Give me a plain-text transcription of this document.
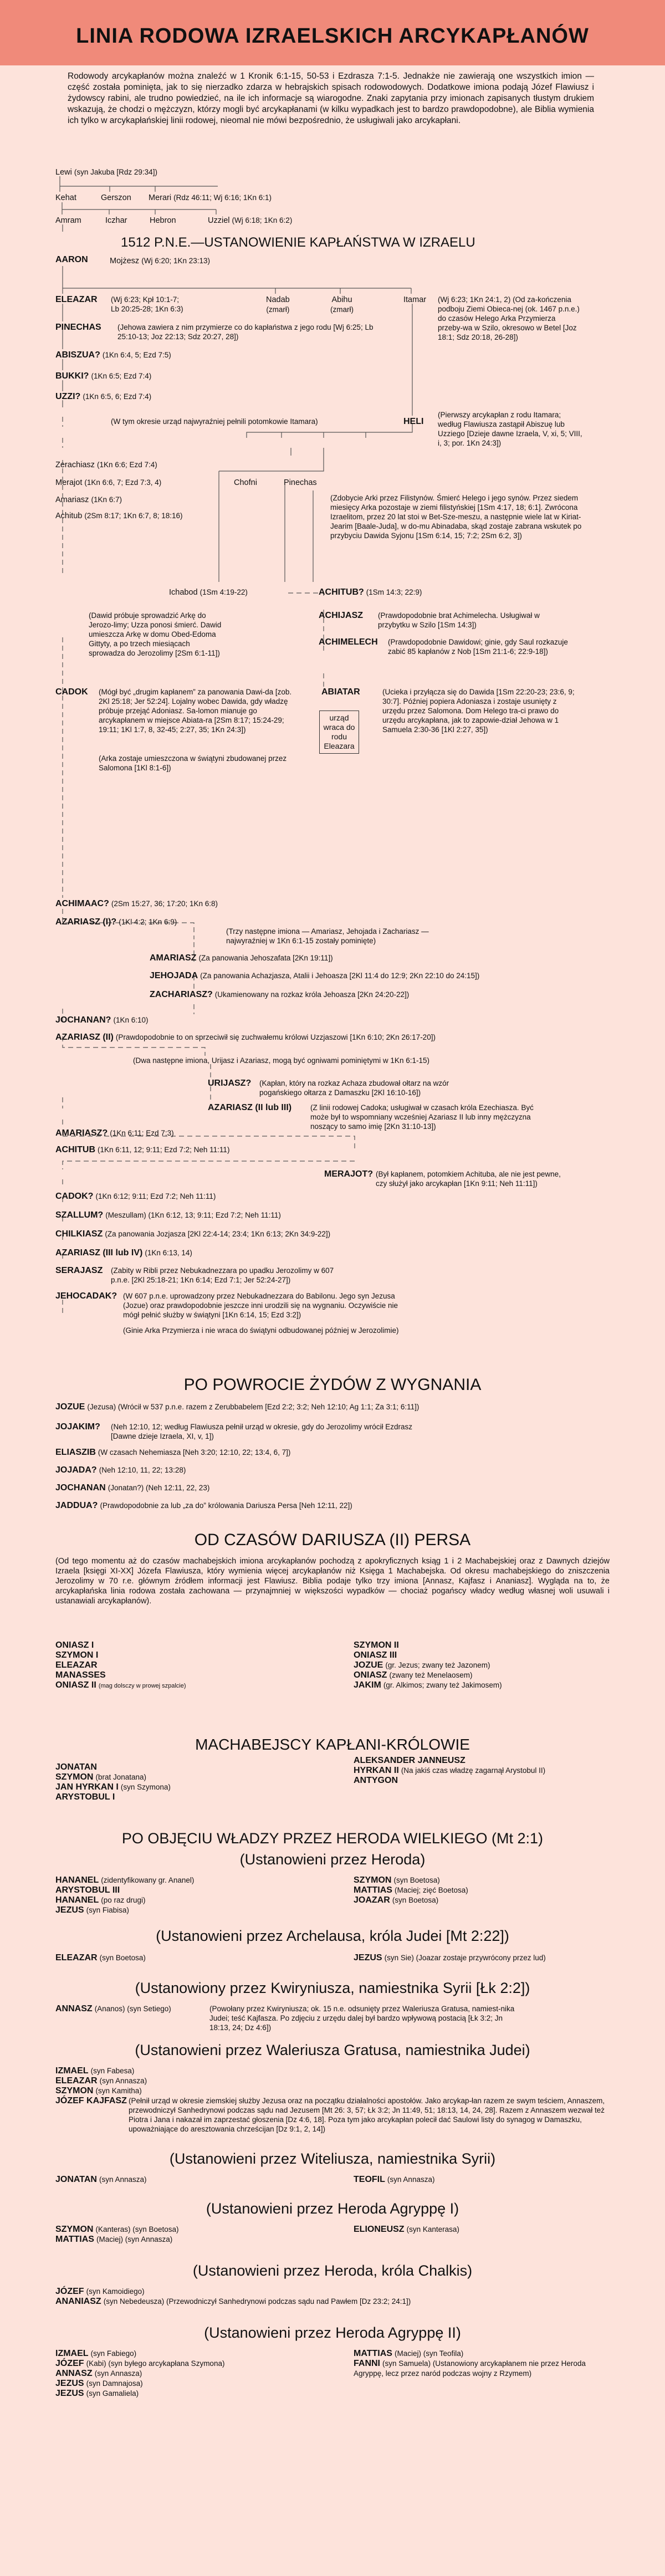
LINIA RODOWA IZRAELSKICH ARCYKAPŁANÓW
Rodowody arcykapłanów można znaleźć w 1 Kronik 6:1-15, 50-53 i Ezdrasza 7:1-5. Jednakże nie zawierają one wszystkich imion — część została pominięta, jak to się nierzadko zdarza w hebrajskich spisach rodowodowych. Dodatkowe imiona podają Józef Flawiusz i żydowscy rabini, ale trudno powiedzieć, na ile ich informacje są wiarogodne. Znaki zapytania przy imionach zapisanych tłustym drukiem wskazują, że chodzi o mężczyzn, którzy mogli być arcykapłanami (w kilku wypadkach jest to bardzo prawdopodobne), ale Biblia wymienia ich tylko w arcykapłańskiej linii rodowej, nieomal nie mówi bezpośrednio, że usługiwali jako arcykapłani.
Lewi (syn Jakuba [Rdz 29:34])
Kehat	Gerszon Merari (Rdz 46:11; Wj 6:16; 1Kn 6:1)
Amram	Iczhar	Hebron	Uzziel (Wj 6:18; 1Kn 6:2)
1512 P.N.E.—USTANOWIENIE KAPŁAŃSTWA W IZRAELU
AARON	Mojżesz (Wj 6:20; 1Kn 23:13)
ELEAZAR (Wj 6:23; Kpł 10:1-7;
Lb 20:25-28; 1Kn 6:3)
Nadab
(zmarł)
Abihu
(zmarł)
Itamar (Wj 6:23; 1Kn 24:1, 2) (Od za-kończenia podboju Ziemi Obieca-nej (ok. 1467 p.n.e.) do czasów Helego Arka Przymierza przeby-wa w Szilo, okresowo w Betel [Joz 18:1; Sdz 20:18, 26-28])
PINECHAS (Jehowa zawiera z nim przymierze co do kapłaństwa z jego rodu [Wj 6:25; Lb 25:10-13; Joz 22:13; Sdz 20:27, 28])
ABISZUA? (1Kn 6:4, 5; Ezd 7:5)
BUKKI? (1Kn 6:5; Ezd 7:4)
UZZI? (1Kn 6:5, 6; Ezd 7:4)
(W tym okresie urząd najwyraźniej pełnili potomkowie Itamara)	HELI
(Pierwszy arcykapłan z rodu Itamara; według Flawiusza zastąpił Abiszuę lub Uzziego [Dzieje dawne Izraela, V, xi, 5; VIII, i, 3; por. 1Kn 24:3])
Zerachiasz (1Kn 6:6; Ezd 7:4)
Merajot (1Kn 6:6, 7; Ezd 7:3, 4)	Chofni	Pinechas
Amariasz (1Kn 6:7)
Achitub (2Sm 8:17; 1Kn 6:7, 8; 18:16)
(Zdobycie Arki przez Filistynów. Śmierć Helego i jego synów. Przez siedem miesięcy Arka pozostaje w ziemi filistyńskiej [1Sm 4:17, 18; 6:1]. Zwrócona Izraelitom, przez 20 lat stoi w Bet-Sze-meszu, a następnie wiele lat w Kiriat-Jearim [Baale-Juda], w do-mu Abinadaba, skąd zostaje zabrana wskutek po przybyciu Dawida Syjonu [1Sm 6:14, 15; 7:2; 2Sm 6:2, 3])
Ichabod (1Sm 4:19-22)	ACHITUB? (1Sm 14:3; 22:9)
(Dawid próbuje sprowadzić Arkę do Jerozo-limy; Uzza ponosi śmierć. Dawid umieszcza Arkę w domu Obed-Edoma Gittyty, a po trzech miesiącach sprowadza do Jerozolimy [2Sm 6:1-11])
ACHIJASZ (Prawdopodobnie brat Achimelecha. Usługiwał w przybytku w Szilo [1Sm 14:3])
ACHIMELECH (Prawdopodobnie Dawidowi; ginie, gdy Saul rozkazuje zabić 85 kapłanów z Nob [1Sm 21:1-6; 22:9-18])
CADOK (Mógł być „drugim kapłanem” za panowania Dawi-da [zob. 2Kl 25:18; Jer 52:24]. Lojalny wobec Dawida, gdy władzę próbuje przejąć Adoniasz. Sa-lomon mianuje go arcykapłanem w miejsce Abiata-ra [2Sm 8:17; 15:24-29; 19:11; 1Kl 1:7, 8, 32-45; 2:27, 35; 1Kn 24:3])
(Arka zostaje umieszczona w świątyni zbudowanej przez Salomona [1Kl 8:1-6])
ABIATAR	(Ucieka i przyłącza się do Dawida [1Sm 22:20-23; 23:6, 9; 30:7]. Później popiera Adoniasza i zostaje usunięty z urzędu przez Salomona. Dom Helego tra-ci prawo do urzędu arcykapłana, jak to zapowie-dział Jehowa w 1 Samuela 2:30-36 [1Kl 2:27, 35])
urząd wraca do rodu Eleazara
ACHIMAAC? (2Sm 15:27, 36; 17:20; 1Kn 6:8)
AZARIASZ (I)? (1Kl 4:2; 1Kn 6:9)
(Trzy następne imiona — Amariasz, Jehojada i Zachariasz — najwyraźniej w 1Kn 6:1-15 zostały pominięte)
AMARIASZ (Za panowania Jehoszafata [2Kn 19:11])
JEHOJADA (Za panowania Achazjasza, Atalii i Jehoasza [2Kl 11:4 do 12:9; 2Kn 22:10 do 24:15])
ZACHARIASZ? (Ukamienowany na rozkaz króla Jehoasza [2Kn 24:20-22])
JOCHANAN? (1Kn 6:10)
AZARIASZ (II) (Prawdopodobnie to on sprzeciwił się zuchwałemu królowi Uzzjaszowi [1Kn 6:10; 2Kn 26:17-20])
(Dwa następne imiona, Urijasz i Azariasz, mogą być ogniwami pominiętymi w 1Kn 6:1-15)
URIJASZ? (Kapłan, który na rozkaz Achaza zbudował ołtarz na wzór pogańskiego ołtarza z Damaszku [2Kl 16:10-16])
AZARIASZ (II lub III)	(Z linii rodowej Cadoka; usługiwał w czasach króla Ezechiasza. Być może był to wspomniany wcześniej Azariasz II lub inny mężczyzna noszący to samo imię [2Kn 31:10-13])
AMARIASZ? (1Kn 6:11; Ezd 7:3)
ACHITUB (1Kn 6:11, 12; 9:11; Ezd 7:2; Neh 11:11)
MERAJOT? (Był kapłanem, potomkiem Achituba, ale nie jest pewne, czy służył jako arcykapłan [1Kn 9:11; Neh 11:11])
CADOK? (1Kn 6:12; 9:11; Ezd 7:2; Neh 11:11)
SZALLUM? (Meszullam) (1Kn 6:12, 13; 9:11; Ezd 7:2; Neh 11:11)
CHILKIASZ (Za panowania Jozjasza [2Kl 22:4-14; 23:4; 1Kn 6:13; 2Kn 34:9-22])
AZARIASZ (III lub IV) (1Kn 6:13, 14)
SERAJASZ (Zabity w Ribli przez Nebukadnezzara po upadku Jerozolimy w 607 p.n.e. [2Kl 25:18-21; 1Kn 6:14; Ezd 7:1; Jer 52:24-27])
JEHOCADAK? (W 607 p.n.e. uprowadzony przez Nebukadnezzara do Babilonu. Jego syn Jezusa (Jozue) oraz prawdopodobnie jeszcze inni urodzili się na wygnaniu. Oczywiście nie mógł pełnić służby w świątyni [1Kn 6:14, 15; Ezd 3:2])
(Ginie Arka Przymierza i nie wraca do świątyni odbudowanej później w Jerozolimie)
PO POWROCIE ŻYDÓW Z WYGNANIA
JOZUE (Jezusa) (Wrócił w 537 p.n.e. razem z Zerubbabelem [Ezd 2:2; 3:2; Neh 12:10; Ag 1:1; Za 3:1; 6:11])
JOJAKIM? (Neh 12:10, 12; według Flawiusza pełnił urząd w okresie, gdy do Jerozolimy wrócił Ezdrasz [Dawne dzieje Izraela, XI, v, 1])
ELIASZIB (W czasach Nehemiasza [Neh 3:20; 12:10, 22; 13:4, 6, 7])
JOJADA? (Neh 12:10, 11, 22; 13:28)
JOCHANAN (Jonatan?) (Neh 12:11, 22, 23)
JADDUA? (Prawdopodobnie za lub „za do” królowania Dariusza Persa [Neh 12:11, 22])
OD CZASÓW DARIUSZA (II) PERSA
(Od tego momentu aż do czasów machabejskich imiona arcykapłanów pochodzą z apokryficznych ksiąg 1 i 2 Machabejskiej oraz z Dawnych dziejów Izraela [księgi XI-XX] Józefa Flawiusza, który wymienia więcej arcykapłanów niż Księga 1 Machabejska. Od okresu machabejskiego do zniszczenia Jerozolimy w 70 r.e. głównym źródłem informacji jest Flawiusz. Biblia podaje tylko trzy imiona [Annasz, Kajfasz i Ananiasz]. Wygląda na to, że arcykapłańska linia rodowa została zachowana — przynajmniej w większości wypadków — chociaż pogańscy władcy według własnej woli usuwali i ustanawiali arcykapłanów).
ONIASZ I
SZYMON I
ELEAZAR
MANASSES
ONIASZ II (mag dolsczy w prowej szpalcie)
SZYMON II
ONIASZ III
JOZUE (gr. Jezus; zwany też Jazonem)
ONIASZ (zwany też Menelaosem)
JAKIM (gr. Alkimos; zwany też Jakimosem)
MACHABEJSCY KAPŁANI-KRÓLOWIE
JONATAN
SZYMON (brat Jonatana)
JAN HYRKAN I (syn Szymona)
ARYSTOBUL I
ALEKSANDER JANNEUSZ
HYRKAN II (Na jakiś czas władzę zagarnął Arystobul II)
ANTYGON
PO OBJĘCIU WŁADZY PRZEZ HERODA WIELKIEGO (Mt 2:1)
(Ustanowieni przez Heroda)
HANANEL (zidentyfikowany gr. Ananel)
ARYSTOBUL III
HANANEL (po raz drugi)
JEZUS (syn Fiabisa)
SZYMON (syn Boetosa)
MATTIAS (Maciej; zięć Boetosa)
JOAZAR (syn Boetosa)
(Ustanowieni przez Archelausa, króla Judei [Mt 2:22])
ELEAZAR (syn Boetosa)	JEZUS (syn Sie) (Joazar zostaje przywrócony przez lud)
(Ustanowiony przez Kwiryniusza, namiestnika Syrii [Łk 2:2])
ANNASZ (Ananos) (syn Setiego)	(Powołany przez Kwiryniusza; ok. 15 n.e. odsunięty przez Waleriusza Gratusa, namiest-nika Judei; teść Kajfasza. Po zdjęciu z urzędu dalej był bardzo wpływową postacią [Łk 3:2; Jn 18:13, 24; Dz 4:6])
(Ustanowieni przez Waleriusza Gratusa, namiestnika Judei)
IZMAEL (syn Fabesa)
ELEAZAR (syn Annasza)
SZYMON (syn Kamitha)
JÓZEF KAJFASZ (Pełnił urząd w okresie ziemskiej służby Jezusa oraz na początku działalności apostołów. Jako arcykap-łan razem ze swym teściem, Annaszem, przewodniczył Sanhedrynowi podczas sądu nad Jezusem [Mt 26: 3, 57; Łk 3:2; Jn 11:49, 51; 18:13, 14, 24, 28]. Razem z Annaszem wezwał też Piotra i Jana i nakazał im zaprzestać głoszenia [Dz 4:6, 18]. Poza tym jako arcykapłan polecił dać Saulowi listy do synagog w Damaszku, upoważniające do aresztowania chrześcijan [Dz 9:1, 2, 14])
(Ustanowieni przez Witeliusza, namiestnika Syrii)
JONATAN (syn Annasza)	TEOFIL (syn Annasza)
(Ustanowieni przez Heroda Agryppę I)
SZYMON (Kanteras) (syn Boetosa)
MATTIAS (Maciej) (syn Annasza)
ELIONEUSZ (syn Kanterasa)
(Ustanowieni przez Heroda, króla Chalkis)
JÓZEF (syn Kamoidiego)
ANANIASZ (syn Nebedeusza) (Przewodniczył Sanhedrynowi podczas sądu nad Pawłem [Dz 23:2; 24:1])
(Ustanowieni przez Heroda Agryppę II)
IZMAEL (syn Fabiego)
JÓZEF (Kabi) (syn byłego arcykapłana Szymona)
ANNASZ (syn Annasza)
JEZUS (syn Damnajosa)
JEZUS (syn Gamaliela)
MATTIAS (Maciej) (syn Teofila)
FANNI (syn Samuela) (Ustanowiony arcykapłanem nie przez Heroda Agryppę, lecz przez naród podczas wojny z Rzymem)
